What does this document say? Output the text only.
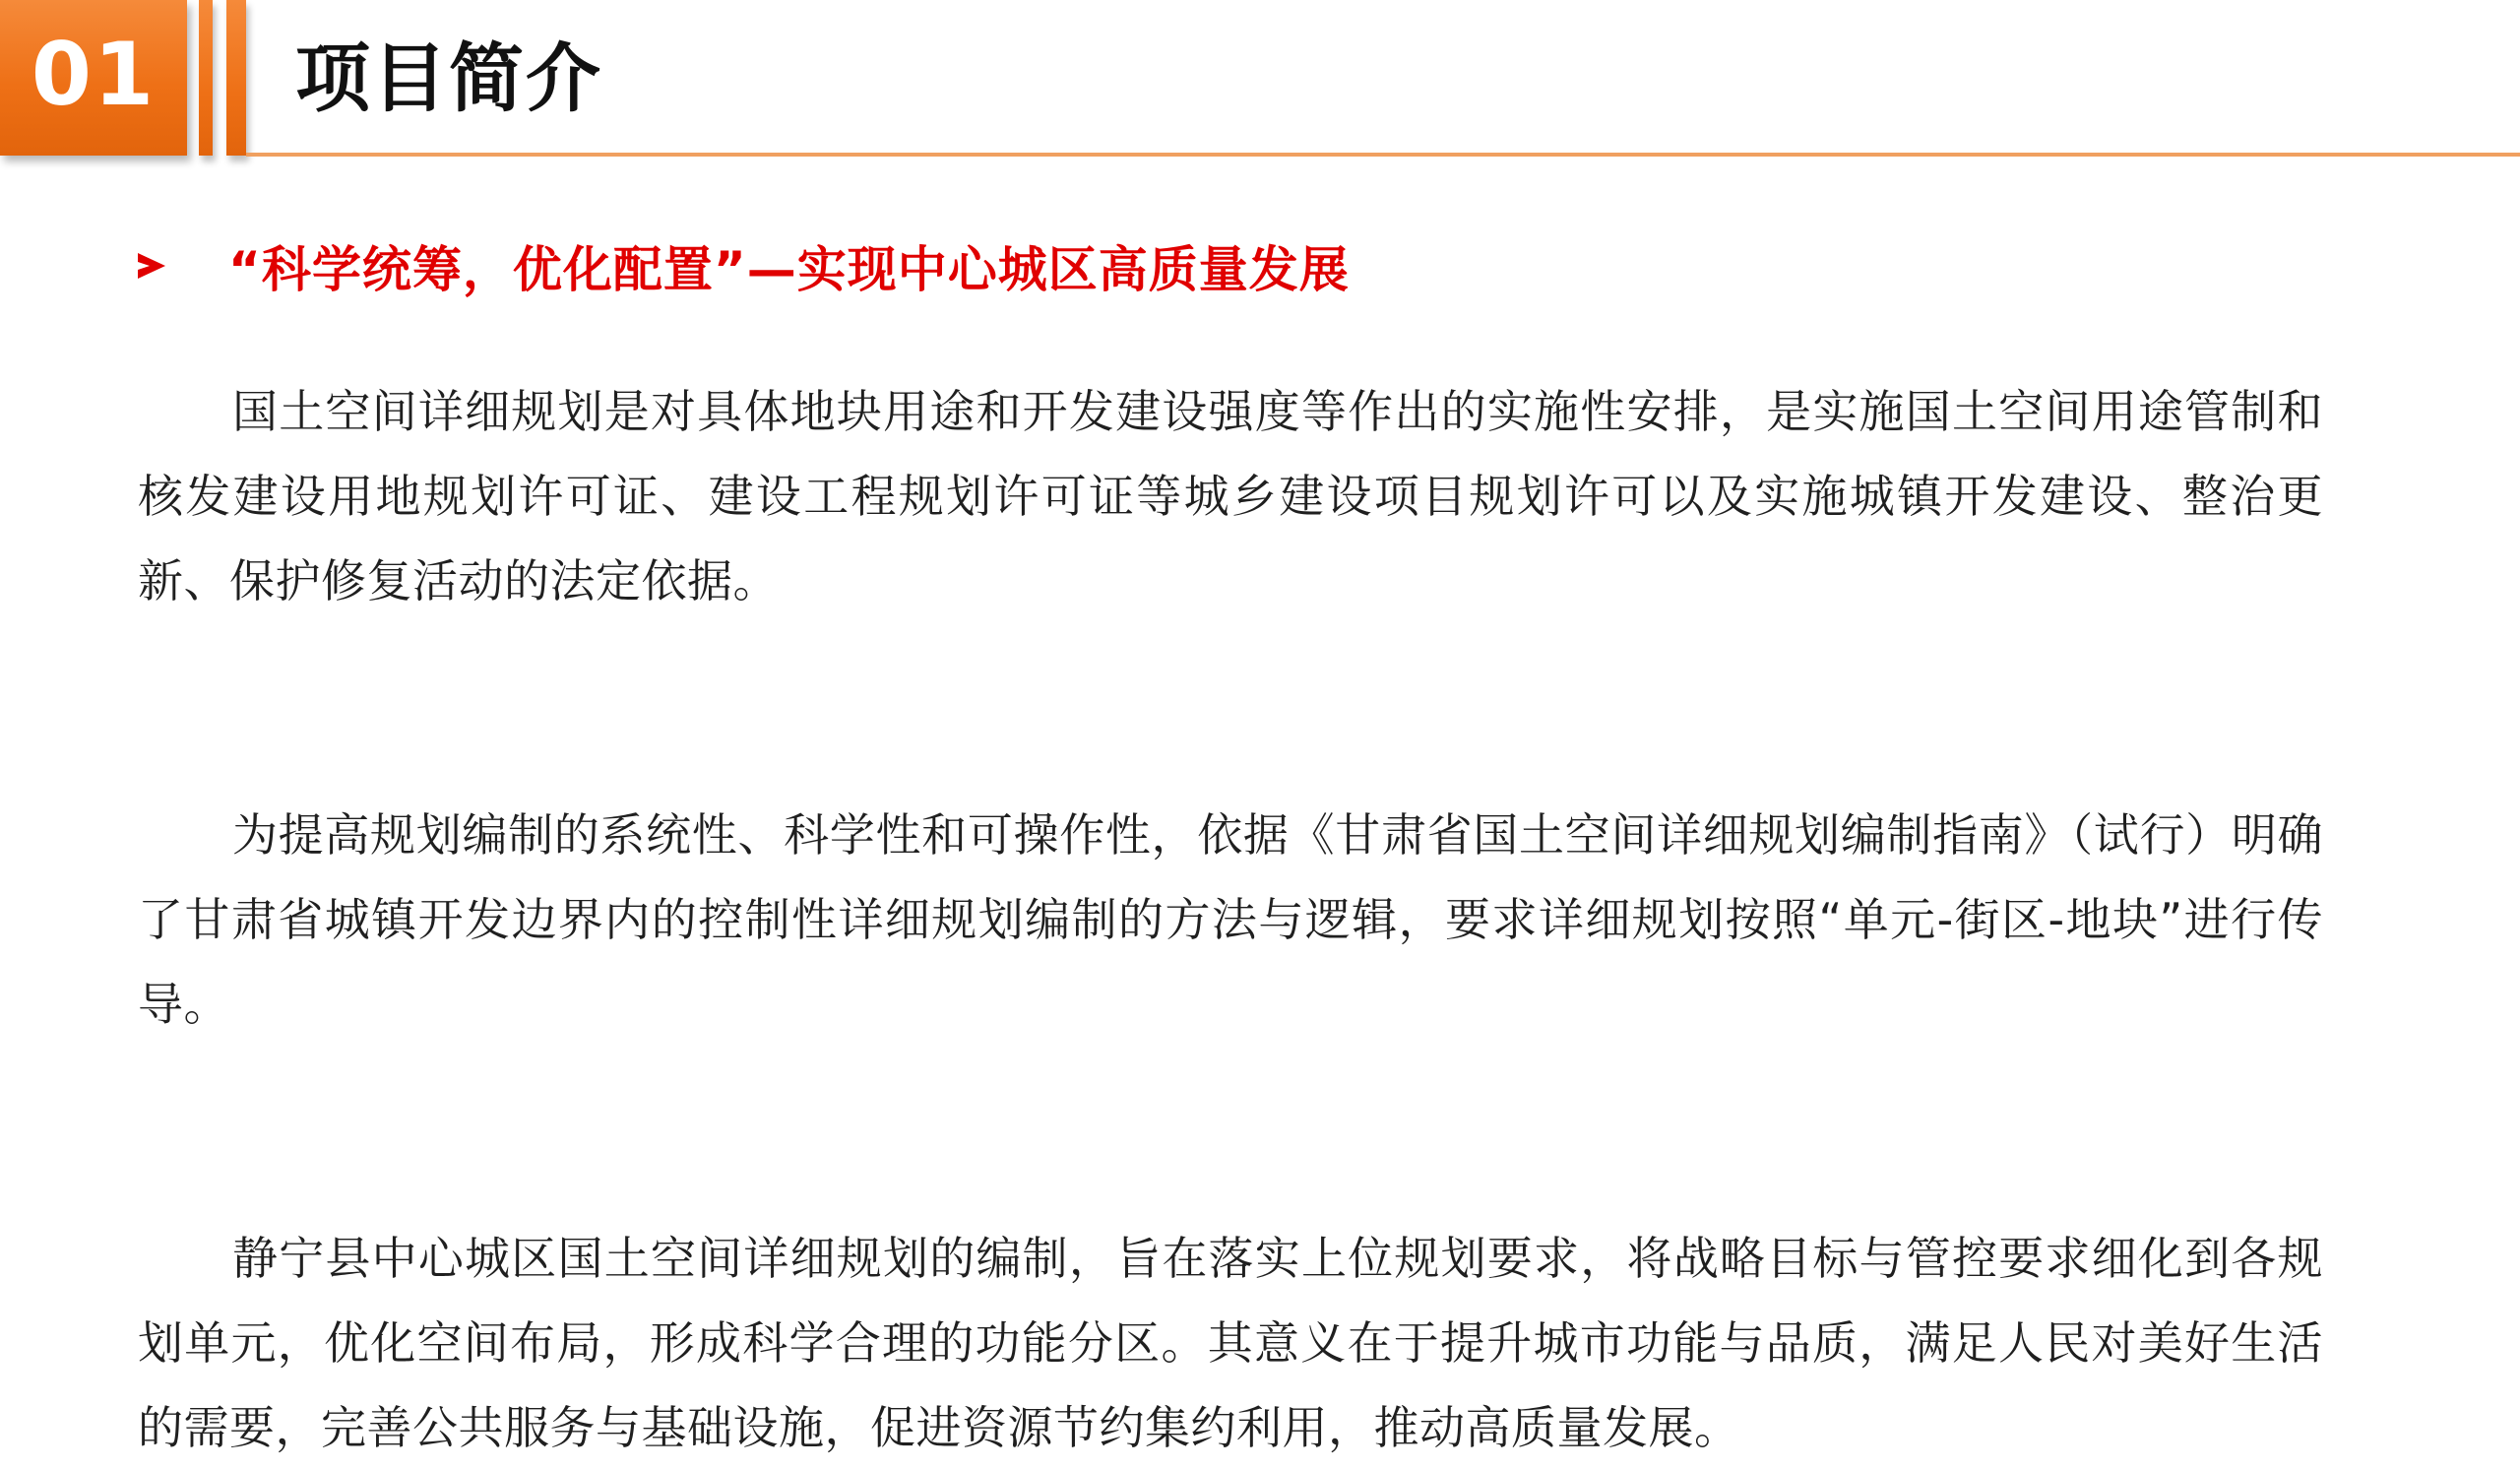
01 项目简介
“科学统筹，优化配置”—实现中心城区高质量发展

国土空间详细规划是对具体地块用途和开发建设强度等作出的实施性安排，是实施国土空间用途管制和核发建设用地规划许可证、建设工程规划许可证等城乡建设项目规划许可以及实施城镇开发建设、整治更新、保护修复活动的法定依据。

为提高规划编制的系统性、科学性和可操作性，依据《甘肃省国土空间详细规划编制指南》（试行）明确了甘肃省城镇开发边界内的控制性详细规划编制的方法与逻辑，要求详细规划按照“单元-街区-地块”进行传导。

静宁县中心城区国土空间详细规划的编制，旨在落实上位规划要求，将战略目标与管控要求细化到各规划单元，优化空间布局，形成科学合理的功能分区。其意义在于提升城市功能与品质，满足人民对美好生活的需要，完善公共服务与基础设施，促进资源节约集约利用，推动高质量发展。
